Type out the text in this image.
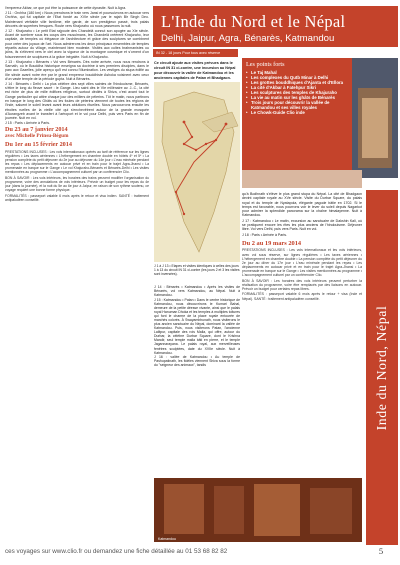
l'empereur Akbar, ce que put être la puissance de cette dynastie. Nuit à Agra.

J 11 : Orchha (180 km) • Nous prendrons le train vers Jansi et poursuivrons en autocar vers Orchha, qui fut capitale de l'Etat fondé au XVIe siècle par le rajah Bir Singh Deo. Maintenant véritable ville fantôme, elle garde, de son prestigieux passé, trois palais décorés de superbes fresques. Route vers Khajuraho où nous passerons la nuit.

J 12 : Khajuraho • Le petit Etat rajpoute des Chandelâ connut son apogée au XIe siècle. Avant de sombrer sous les coups des musulmans, les Chandelâ créèrent Khajuraho, leur capitale, de temples où élégance de l'architecture et grâce des sculptures se combinent pour créer des joyaux de l'art. Nous admirerons les deux principaux ensembles de temples répartis autour du village, maintenant bien modeste. Visités aux cultes brahmanistes ou jaïns, ils s'élèvent vers le ciel avec la vigueur de la montagne cosmique et s'ornent d'un foisonnement de sculptures à la grâce inégalée. Nuit à Khajuraho.

J 13 : Khajuraho • Bénarès • Vol vers Bénarès. Dès notre arrivée, nous nous rendrons à Sarnath, où le Bouddha historique enseigna sa doctrine à ses premiers disciples, dans le parc aux Gazelles, jolie aperçu qu'il est connu l'illumination. Les vestiges du stupa édifié au IIIe siècle avant notre ère par le grand empereur bouddhiste Ashoka voisinent avec ceux d'un vaste temple de la période gupta. Nuit à Bénarès.

J 14 : Bénarès • Delhi • La plus célèbre des sept villes saintes de l'hindouisme, Bénarès, s'étire le long du fleuve sacré : le Gange. Lieu saint dès le VIe millénaire av. J.-C., la cité est riche de plus de mille édifices religieux, surtout dédiés à Shiva, c'est avant tout le Gange particulier qui attire chaque jour des milliers de pèlerins. Tôt le matin, nous partirons en barque le long des Ghâts où les foules de pèlerins viennent de toutes les régions de l'Inde, saluent le soleil levant avant leurs ablutions rituelles. Nous parcourrons ensuite les étroites ruelles de la vieille cité qui s'enchevêtrent autour de la grande mosquée d'Aurangzeb avant le transfert à l'aéroport et le vol pour Delhi, puis vers Paris en fin de journée. Nuit en vol.

J 15 : Paris • Arrivée à Paris.

Du 23 au 7 janvier 2014
avec Michelle Prinsu-Bégum
Du 1er au 15 février 2014
PRESTATIONS INCLUSES : Les vols internationaux opérés au tarif de référence sur les lignes régulières • Les taxes aériennes • L'hébergement en chambre double en hôtels 4* et 5* • La pension complète du petit déjeuner du 2e jour au déjeuner du 14e jour • L'eau minérale pendant les repas • Les déplacements en autocar privé et en train pour le trajet Agra-Jhansi • La promenade en barque sur le Gange • Le vol Khajuraho-Bénarès et Bénarès-Delhi • Les visites mentionnées au programme • L'accompagnement culturel par un conférencier Clio.
BON À SAVOIR : Les vols intérieurs, les horaires des trains peuvent modifier l'organisation du programme, voire des annulations de vols intérieurs. Prévoir un budget pour les repas du 4e jour (dans la journée), et la nuit du 5e au 6e jour à Jaipur, en raison de son rythme soutenu, ce voyage requiert une bonne forme physique.
FORMALITÉS : passeport valable 6 mois après le retour et visa indien. SANTÉ : traitement antipaludéen conseillé.
L'Inde du Nord et le Népal
Delhi, Jaipur, Agra, Bénarès, Katmandou
IN 32 - 18 jours Pour tous avec réserve
Ce circuit ajoute aux visites prévues dans le circuit IN 31 ci-contre, une incursion au Népal pour découvrir la vallée de Katmandou et les anciennes capitales de Patan et Bhadgaon.
J 1 à J 13 • Etapes et visites identiques à celles des jours 1 à 13 du circuit IN 31 ci-contre (les jours 2 et 3 les visites sont inversées).
Les points forts
• Le Taj Mahal
• Les complexes du Qutb Minar à Delhi
• Les grottes bouddhiques d'Ajanta et d'Ellora
• La cité d'Akbar à Fatehpur Sikri
• Les sculptures des temples de Khajuraho
• La vie au matin sur les ghâts de Bénarès
• Trois jours pour découvrir la vallée de Katmandou et ses villes royales
• Le Chowk-Guide Clio inde

J 14 : Bénarès • Katmandou • Après les visites de Bénarès, vol vers Katmandou, au Népal. Nuit à Katmandou.

J 15 : Katmandou • Patan • Dans le centre historique de Katmandou, nous découvrirons le Kumari Bahal, demeure de la petite déesse vivante, ainsi que le palais royal Hanuman Dhoka et les temples à multiples toitures qui font le charme de la place royale entourée de marchés colorés. À Swayambhunath, nous visiterons le plus ancien sanctuaire du Népal, dominant la vallée de Katmandou. Puis, nous visiterons Patan, l'ancienne Lalitpur, capitale des rois Malla, qui offre, autour du Durbar, la célèbre Durbar Square, dont le Krishna Mandir, seul temple malla bâti en pierre, et le temple Jagannarayana. Le palais royal, aux merveilleuses fenêtres sculptées, date du XVIIe siècle. Nuit à Katmandou.

J 16 : vallée de Katmandou • Au temple de Pashupatinath, les fidèles viennent Shiva sous la forme du "seigneur des animaux", tandis

qu'à Bodhnath s'élève le plus grand stupa du Népal. La cité de Bhadgaon devint capitale royale au XVe siècle. Visite du Durbar Square, du palais royal et du temple de Nyatapola, élégante pagode bâtie en 1702. Si le temps est favorable, nous pourrons voir le lever du soleil depuis Nagarkot pour admirer la splendide panorama sur la chaîne himalayenne. Nuit à Katmandou.

J 17 : Katmandou • Le matin, excursion au sanctuaire de Dakshin Kali, où se pratiquent encore les rites les plus anciens de l'hindouisme. Déjeuner libre. Vol vers Delhi, puis vers Paris. Nuit en vol.

J 18 : Paris • Arrivée à Paris.

Du 2 au 19 mars 2014
PRESTATIONS INCLUSES : Les vols internationaux et les vols intérieurs, avec vol sous réserve, sur lignes régulières • Les taxes aériennes • L'hébergement en chambre double • La pension complète du petit déjeuner du 2e jour au dîner du 17e jour • L'eau minérale pendant les repas • Les déplacements en autocar privé et en train pour le trajet Agra-Jhansi • La promenade en barque sur le Gange • Les visites mentionnées au programme • L'accompagnement culturel par un conférencier Clio.
BON À SAVOIR : Les horaires des vols intérieurs peuvent perturber la réalisation du programme, voire être remplacés par des liaisons en autocar. Prévoir un budget pour certains repas libres.
FORMALITÉS : passeport valable 6 mois après le retour + visa (Inde et Népal). SANTÉ : traitement antipaludéen conseillé.
Inde du Nord, Népal
Katmandou
ces voyages sur www.clio.fr ou demandez une fiche détaillée au 01 53 68 82 82	5
